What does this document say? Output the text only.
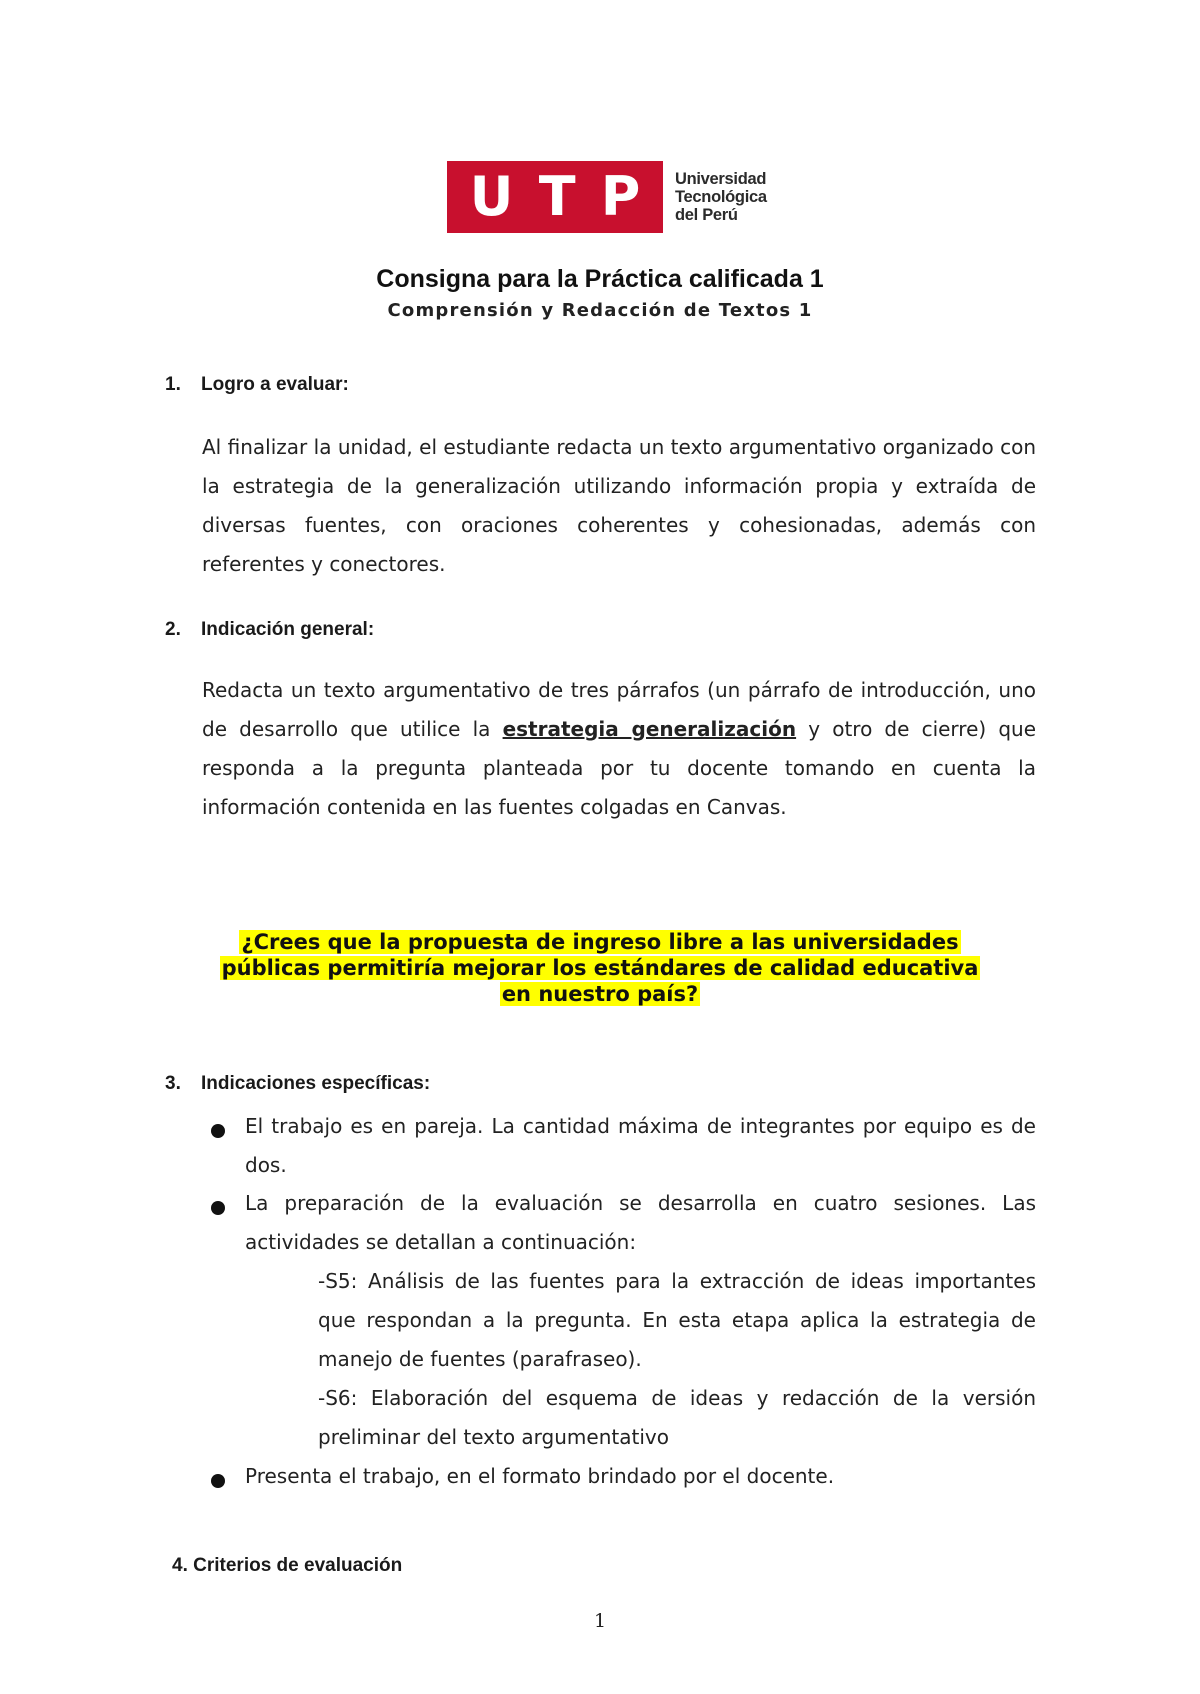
U T P Universidad
Tecnológica
del Perú
Consigna para la Práctica calificada 1
Comprensión y Redacción de Textos 1
1. Logro a evaluar:

Al finalizar la unidad, el estudiante redacta un texto argumentativo organizado con la estrategia de la generalización utilizando información propia y extraída de diversas fuentes, con oraciones coherentes y cohesionadas, además con referentes y conectores.

2. Indicación general:

Redacta un texto argumentativo de tres párrafos (un párrafo de introducción, uno de desarrollo que utilice la estrategia generalización y otro de cierre) que responda a la pregunta planteada por tu docente tomando en cuenta la información contenida en las fuentes colgadas en Canvas.

¿Crees que la propuesta de ingreso libre a las universidades
públicas permitiría mejorar los estándares de calidad educativa
en nuestro país?
3. Indicaciones específicas:

El trabajo es en pareja. La cantidad máxima de integrantes por equipo es de dos.

La preparación de la evaluación se desarrolla en cuatro sesiones. Las actividades se detallan a continuación:

-S5: Análisis de las fuentes para la extracción de ideas importantes que respondan a la pregunta. En esta etapa aplica la estrategia de manejo de fuentes (parafraseo).

-S6: Elaboración del esquema de ideas y redacción de la versión preliminar del texto argumentativo

Presenta el trabajo, en el formato brindado por el docente.

4. Criterios de evaluación
1
